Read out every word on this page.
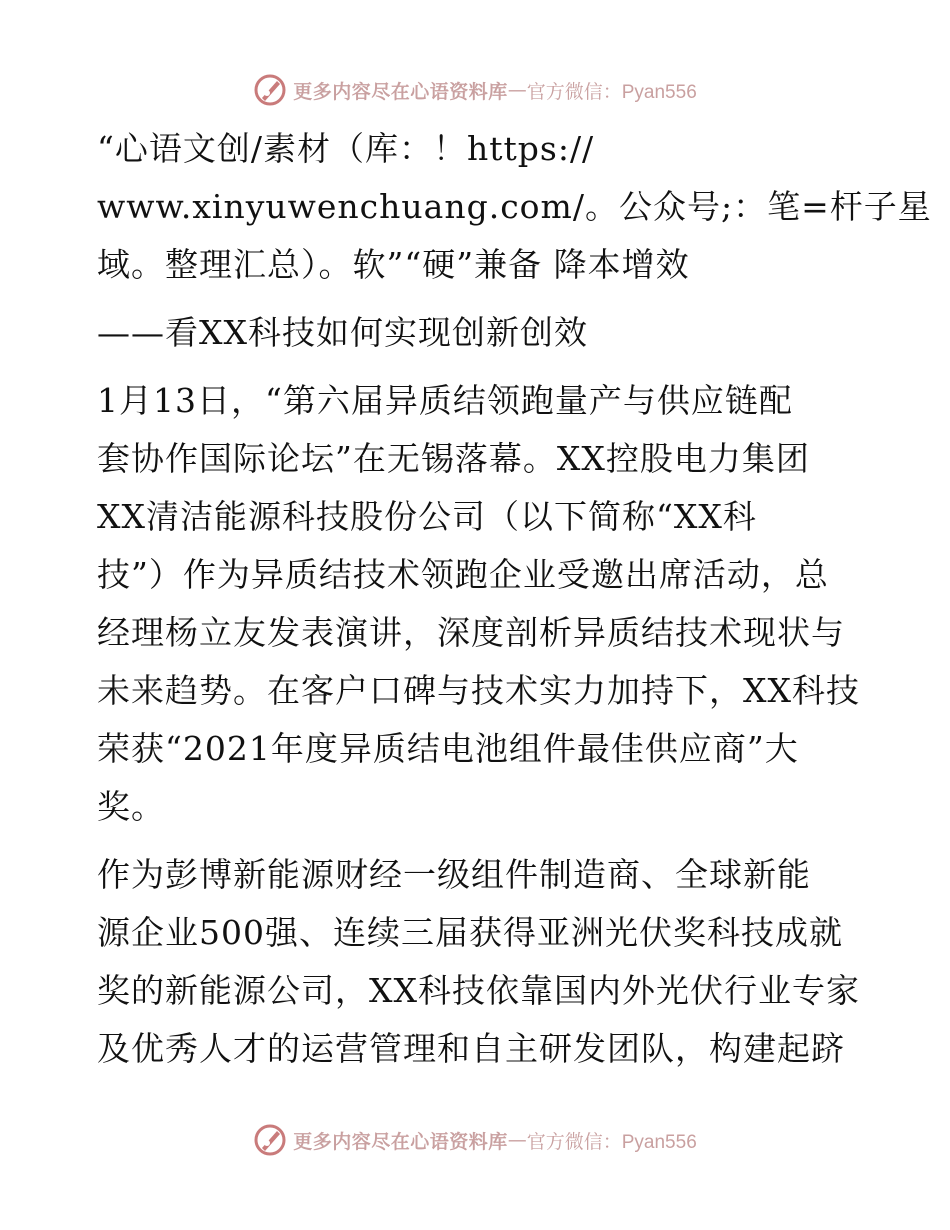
更多内容尽在心语资料库 — 官方微信：Pyan556
“心语文创/素材（库：！https://
www.xinyuwenchuang.com/。公众号;：笔=杆子星
域。整理汇总）。软”“硬”兼备 降本增效
——看XX科技如何实现创新创效
1月13日，“第六届异质结领跑量产与供应链配
套协作国际论坛”在无锡落幕。XX控股电力集团
XX清洁能源科技股份公司（以下简称“XX科
技”）作为异质结技术领跑企业受邀出席活动，总
经理杨立友发表演讲，深度剖析异质结技术现状与
未来趋势。在客户口碑与技术实力加持下，XX科技
荣获“2021年度异质结电池组件最佳供应商”大
奖。
作为彭博新能源财经一级组件制造商、全球新能
源企业500强、连续三届获得亚洲光伏奖科技成就
奖的新能源公司，XX科技依靠国内外光伏行业专家
及优秀人才的运营管理和自主研发团队，构建起跻
更多内容尽在心语资料库 — 官方微信：Pyan556
